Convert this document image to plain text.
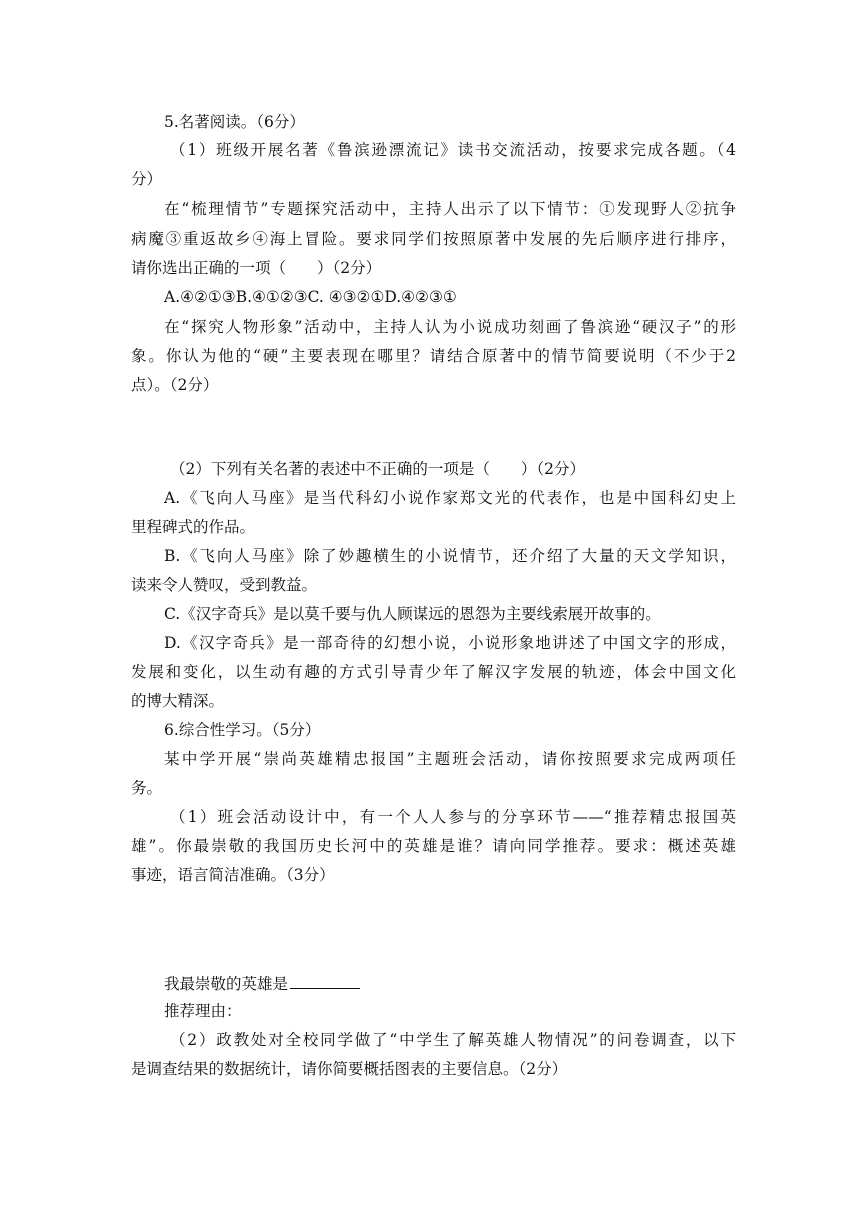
5.名著阅读。（6分）
（1）班级开展名著《鲁滨逊漂流记》读书交流活动，按要求完成各题。（4
分）
在“梳理情节”专题探究活动中，主持人出示了以下情节：①发现野人②抗争
病魔③重返故乡④海上冒险。要求同学们按照原著中发展的先后顺序进行排序，
请你选出正确的一项（　　）（2分）
A.④②①③B.④①②③C. ④③②①D.④②③①
在“探究人物形象”活动中，主持人认为小说成功刻画了鲁滨逊“硬汉子”的形
象。你认为他的“硬”主要表现在哪里？请结合原著中的情节简要说明（不少于2
点）。（2分）
（2）下列有关名著的表述中不正确的一项是（　　）（2分）
A.《飞向人马座》是当代科幻小说作家郑文光的代表作，也是中国科幻史上
里程碑式的作品。
B.《飞向人马座》除了妙趣横生的小说情节，还介绍了大量的天文学知识，
读来令人赞叹，受到教益。
C.《汉字奇兵》是以莫千要与仇人顾谋远的恩怨为主要线索展开故事的。
D.《汉字奇兵》是一部奇待的幻想小说，小说形象地讲述了中国文字的形成，
发展和变化，以生动有趣的方式引导青少年了解汉字发展的轨迹，体会中国文化
的博大精深。
6.综合性学习。（5分）
某中学开展“崇尚英雄精忠报国”主题班会活动，请你按照要求完成两项任
务。
（1）班会活动设计中，有一个人人参与的分享环节——“推荐精忠报国英
雄”。你最崇敬的我国历史长河中的英雄是谁？请向同学推荐。要求：概述英雄
事迹，语言简洁准确。（3分）
我最崇敬的英雄是
推荐理由：
（2）政教处对全校同学做了“中学生了解英雄人物情况”的问卷调查，以下
是调查结果的数据统计，请你简要概括图表的主要信息。（2分）
